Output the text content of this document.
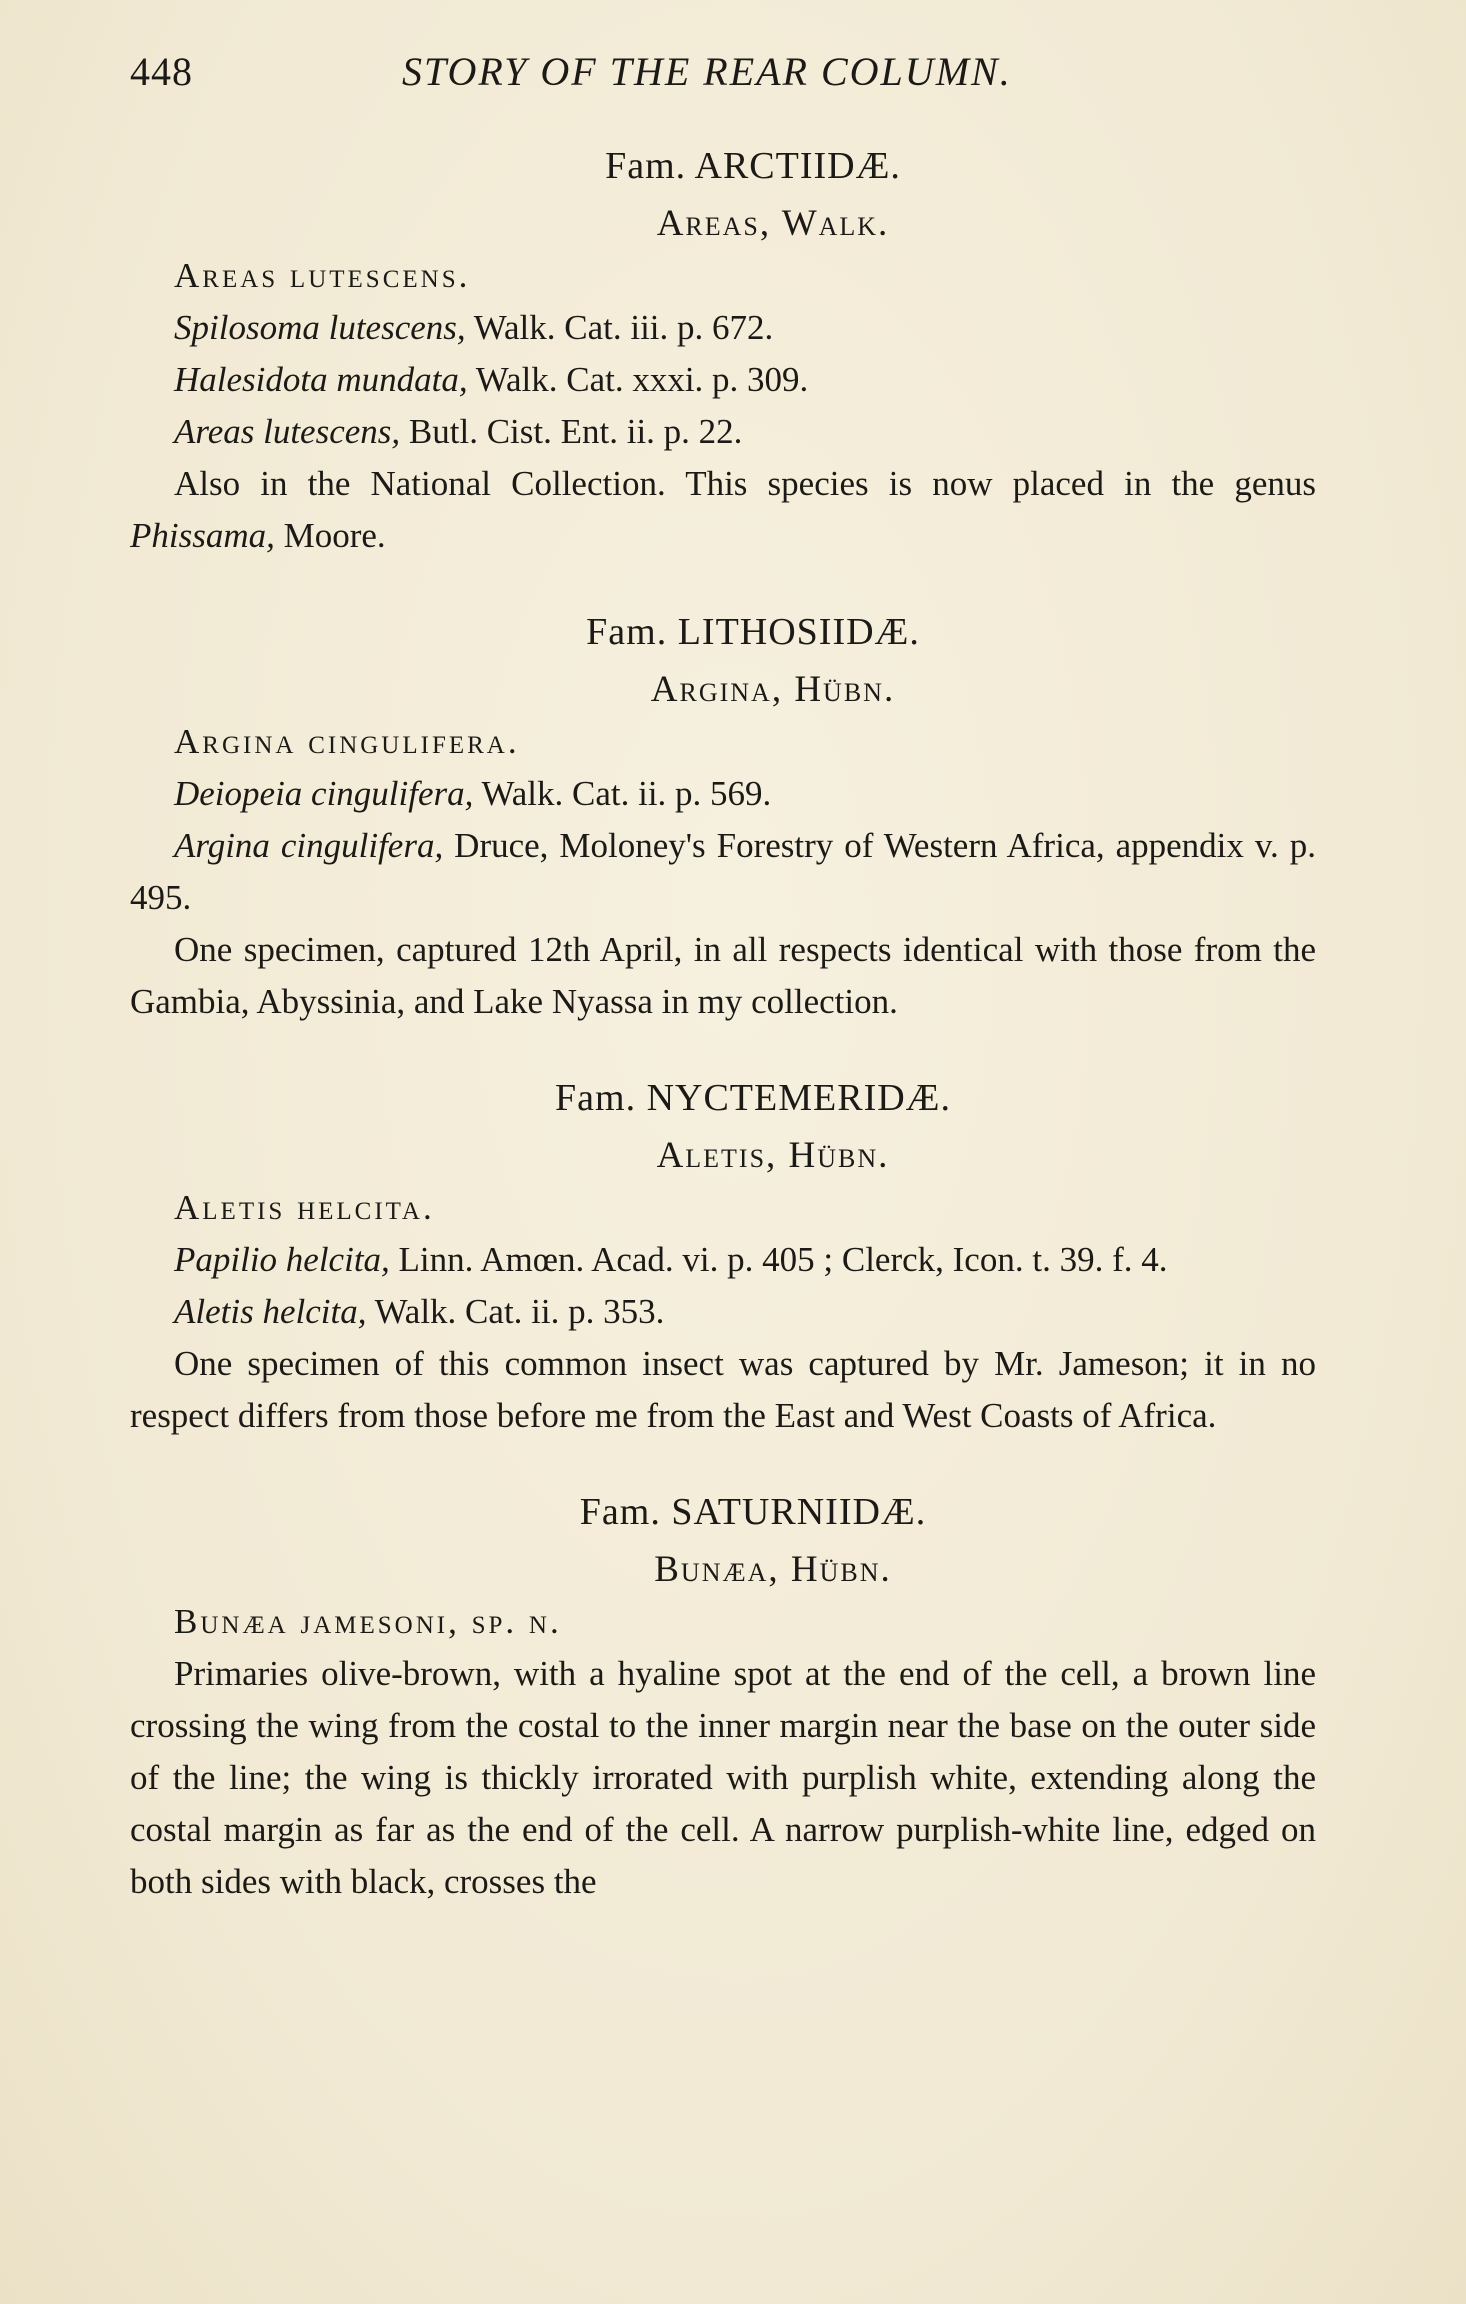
448	STORY OF THE REAR COLUMN.
Fam. ARCTIIDÆ.
Areas, Walk.
Areas lutescens.
Spilosoma lutescens, Walk. Cat. iii. p. 672.
Halesidota mundata, Walk. Cat. xxxi. p. 309.
Areas lutescens, Butl. Cist. Ent. ii. p. 22.

Also in the National Collection. This species is now placed in the genus Phissama, Moore.

Fam. LITHOSIIDÆ.
Argina, Hübn.
Argina cingulifera.
Deiopeia cingulifera, Walk. Cat. ii. p. 569.

Argina cingulifera, Druce, Moloney's Forestry of Western Africa, appendix v. p. 495.

One specimen, captured 12th April, in all respects identical with those from the Gambia, Abyssinia, and Lake Nyassa in my collection.

Fam. NYCTEMERIDÆ.
Aletis, Hübn.
Aletis helcita.

Papilio helcita, Linn. Amœn. Acad. vi. p. 405 ; Clerck, Icon. t. 39. f. 4.

Aletis helcita, Walk. Cat. ii. p. 353.

One specimen of this common insect was captured by Mr. Jameson; it in no respect differs from those before me from the East and West Coasts of Africa.

Fam. SATURNIIDÆ.
Bunæa, Hübn.
Bunæa jamesoni, sp. n.

Primaries olive-brown, with a hyaline spot at the end of the cell, a brown line crossing the wing from the costal to the inner margin near the base on the outer side of the line; the wing is thickly irrorated with purplish white, extending along the costal margin as far as the end of the cell. A narrow purplish-white line, edged on both sides with black, crosses the
